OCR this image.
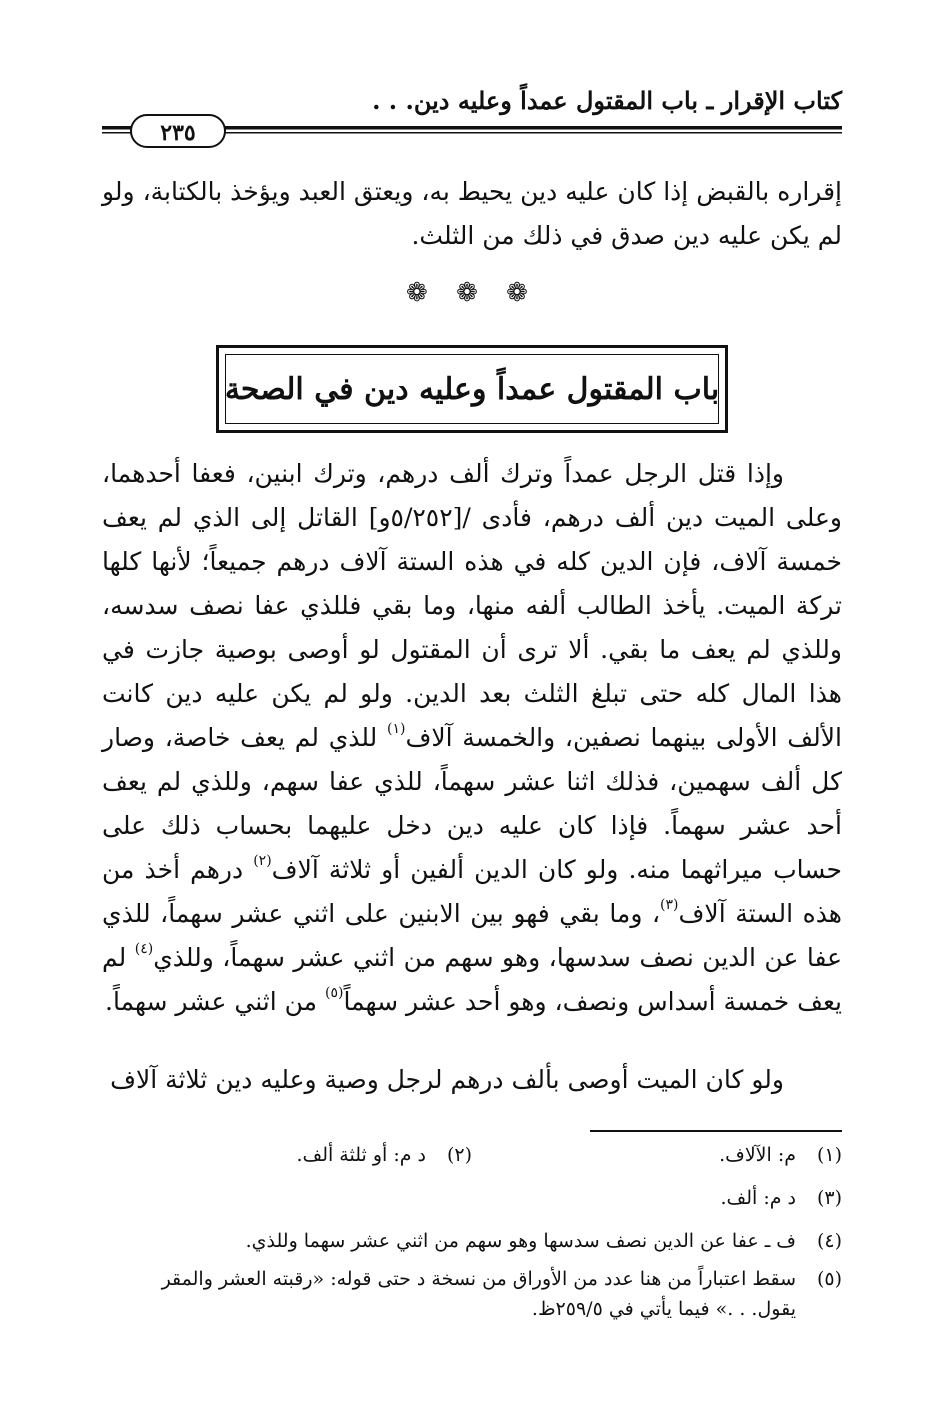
كتاب الإقرار ـ باب المقتول عمداً وعليه دين. . .
٢٣٥

إقراره بالقبض إذا كان عليه دين يحيط به، ويعتق العبد ويؤخذ بالكتابة، ولو لم يكن عليه دين صدق في ذلك من الثلث.

❁ ❁ ❁
باب المقتول عمداً وعليه دين في الصحة

وإذا قتل الرجل عمداً وترك ألف درهم، وترك ابنين، فعفا أحدهما، وعلى الميت دين ألف درهم، فأدى /[٥/٢٥٢و] القاتل إلى الذي لم يعف خمسة آلاف، فإن الدين كله في هذه الستة آلاف درهم جميعاً؛ لأنها كلها تركة الميت. يأخذ الطالب ألفه منها، وما بقي فللذي عفا نصف سدسه، وللذي لم يعف ما بقي. ألا ترى أن المقتول لو أوصى بوصية جازت في هذا المال كله حتى تبلغ الثلث بعد الدين. ولو لم يكن عليه دين كانت الألف الأولى بينهما نصفين، والخمسة آلاف$^{(١)}$ للذي لم يعف خاصة، وصار كل ألف سهمين، فذلك اثنا عشر سهماً، للذي عفا سهم، وللذي لم يعف أحد عشر سهماً. فإذا كان عليه دين دخل عليهما بحساب ذلك على حساب ميراثهما منه. ولو كان الدين ألفين أو ثلاثة آلاف$^{(٢)}$ درهم أخذ من هذه الستة آلاف$^{(٣)}$، وما بقي فهو بين الابنين على اثني عشر سهماً، للذي عفا عن الدين نصف سدسها، وهو سهم من اثني عشر سهماً، وللذي$^{(٤)}$ لم يعف خمسة أسداس ونصف، وهو أحد عشر سهماً$^{(٥)}$ من اثني عشر سهماً.

ولو كان الميت أوصى بألف درهم لرجل وصية وعليه دين ثلاثة آلاف

(١)م: الآلاف.
(٢)د م: أو ثلثة ألف.
(٣)د م: ألف.
(٤)ف ـ عفا عن الدين نصف سدسها وهو سهم من اثني عشر سهما وللذي.
(٥)سقط اعتباراً من هنا عدد من الأوراق من نسخة د حتى قوله: «رقبته العشر والمقر
يقول. . .» فيما يأتي في ٢٥٩/٥ظ.
